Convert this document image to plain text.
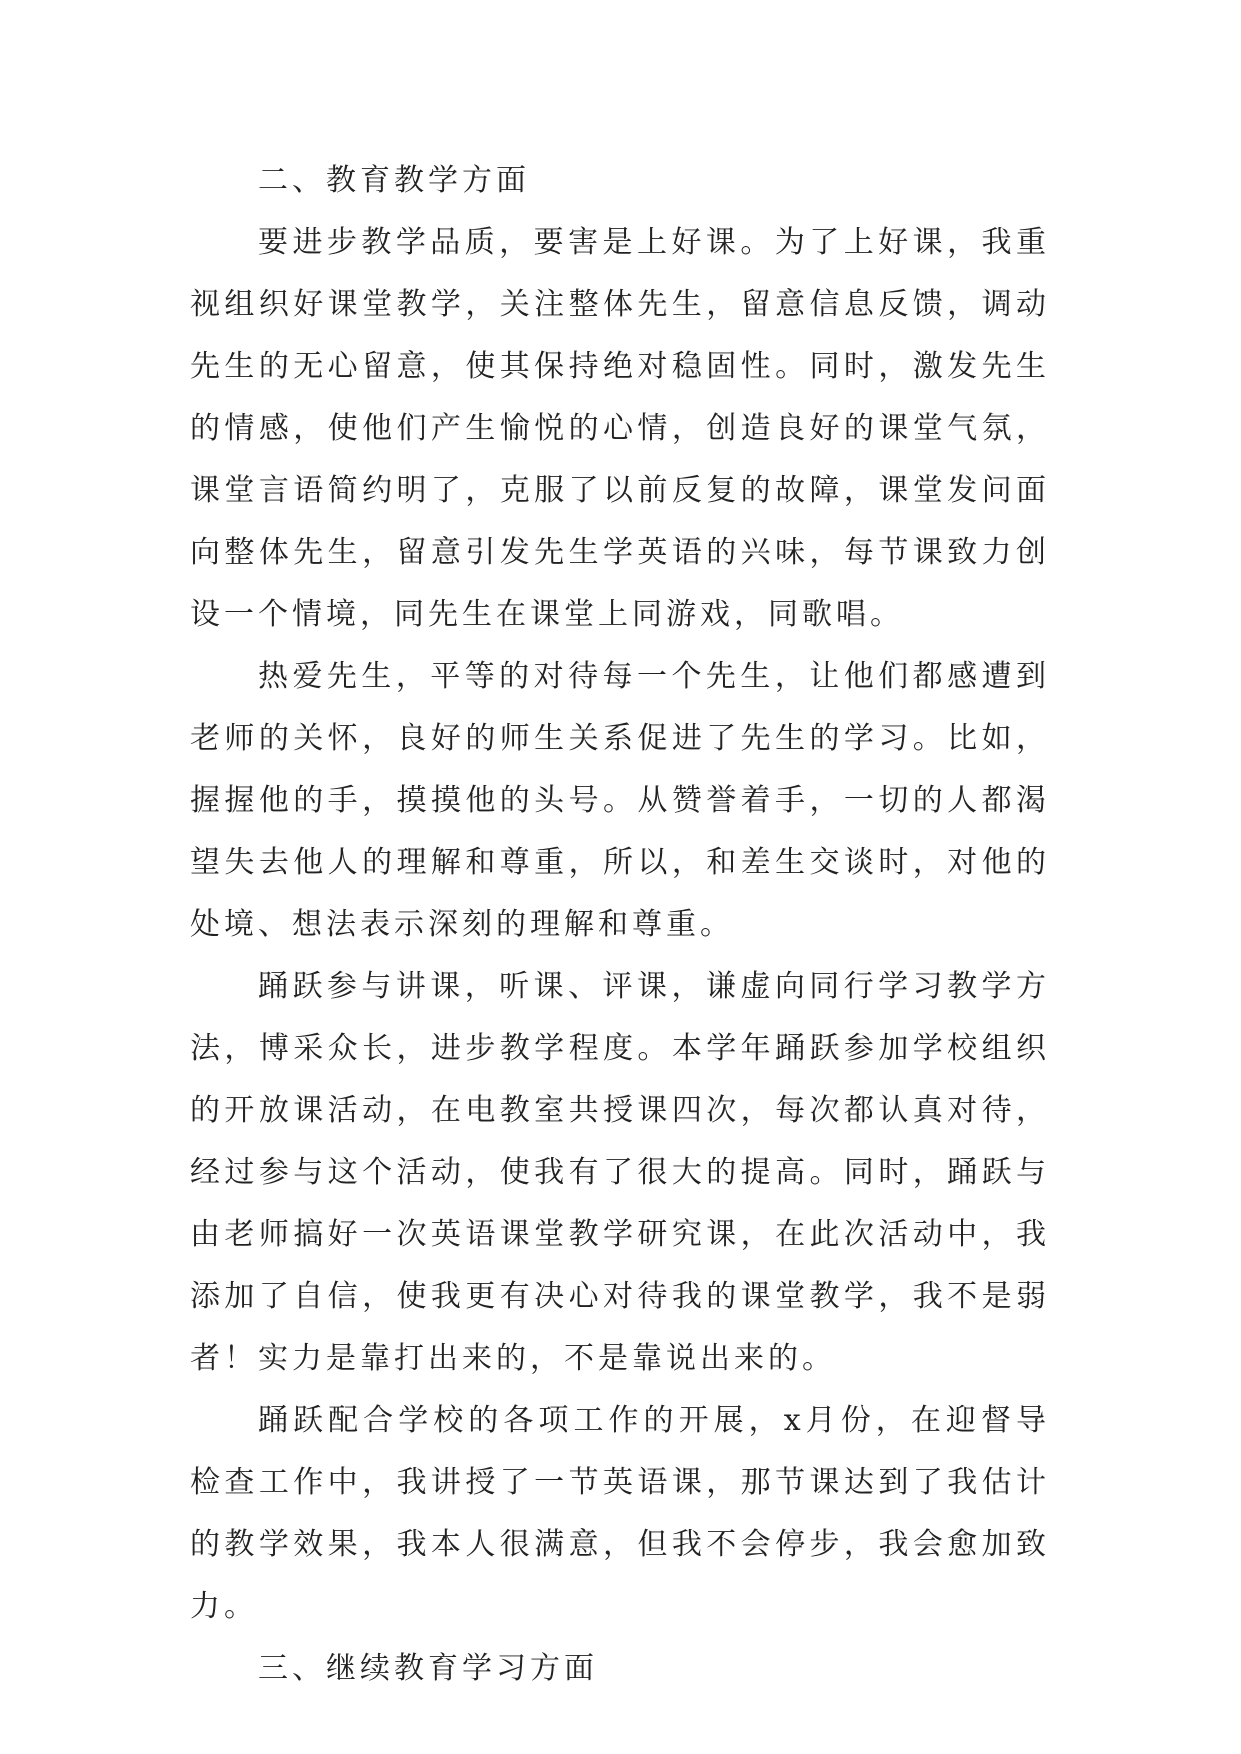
二、教育教学方面

要进步教学品质，要害是上好课。为了上好课，我重视组织好课堂教学，关注整体先生，留意信息反馈，调动先生的无心留意，使其保持绝对稳固性。同时，激发先生的情感，使他们产生愉悦的心情，创造良好的课堂气氛，课堂言语简约明了，克服了以前反复的故障，课堂发问面向整体先生，留意引发先生学英语的兴味，每节课致力创设一个情境，同先生在课堂上同游戏，同歌唱。

热爱先生，平等的对待每一个先生，让他们都感遭到老师的关怀，良好的师生关系促进了先生的学习。比如，握握他的手，摸摸他的头号。从赞誉着手，一切的人都渴望失去他人的理解和尊重，所以，和差生交谈时，对他的处境、想法表示深刻的理解和尊重。

踊跃参与讲课，听课、评课，谦虚向同行学习教学方法，博采众长，进步教学程度。本学年踊跃参加学校组织的开放课活动，在电教室共授课四次，每次都认真对待，经过参与这个活动，使我有了很大的提高。同时，踊跃与由老师搞好一次英语课堂教学研究课，在此次活动中，我添加了自信，使我更有决心对待我的课堂教学，我不是弱者！实力是靠打出来的，不是靠说出来的。

踊跃配合学校的各项工作的开展，x月份，在迎督导检查工作中，我讲授了一节英语课，那节课达到了我估计的教学效果，我本人很满意，但我不会停步，我会愈加致力。

三、继续教育学习方面
